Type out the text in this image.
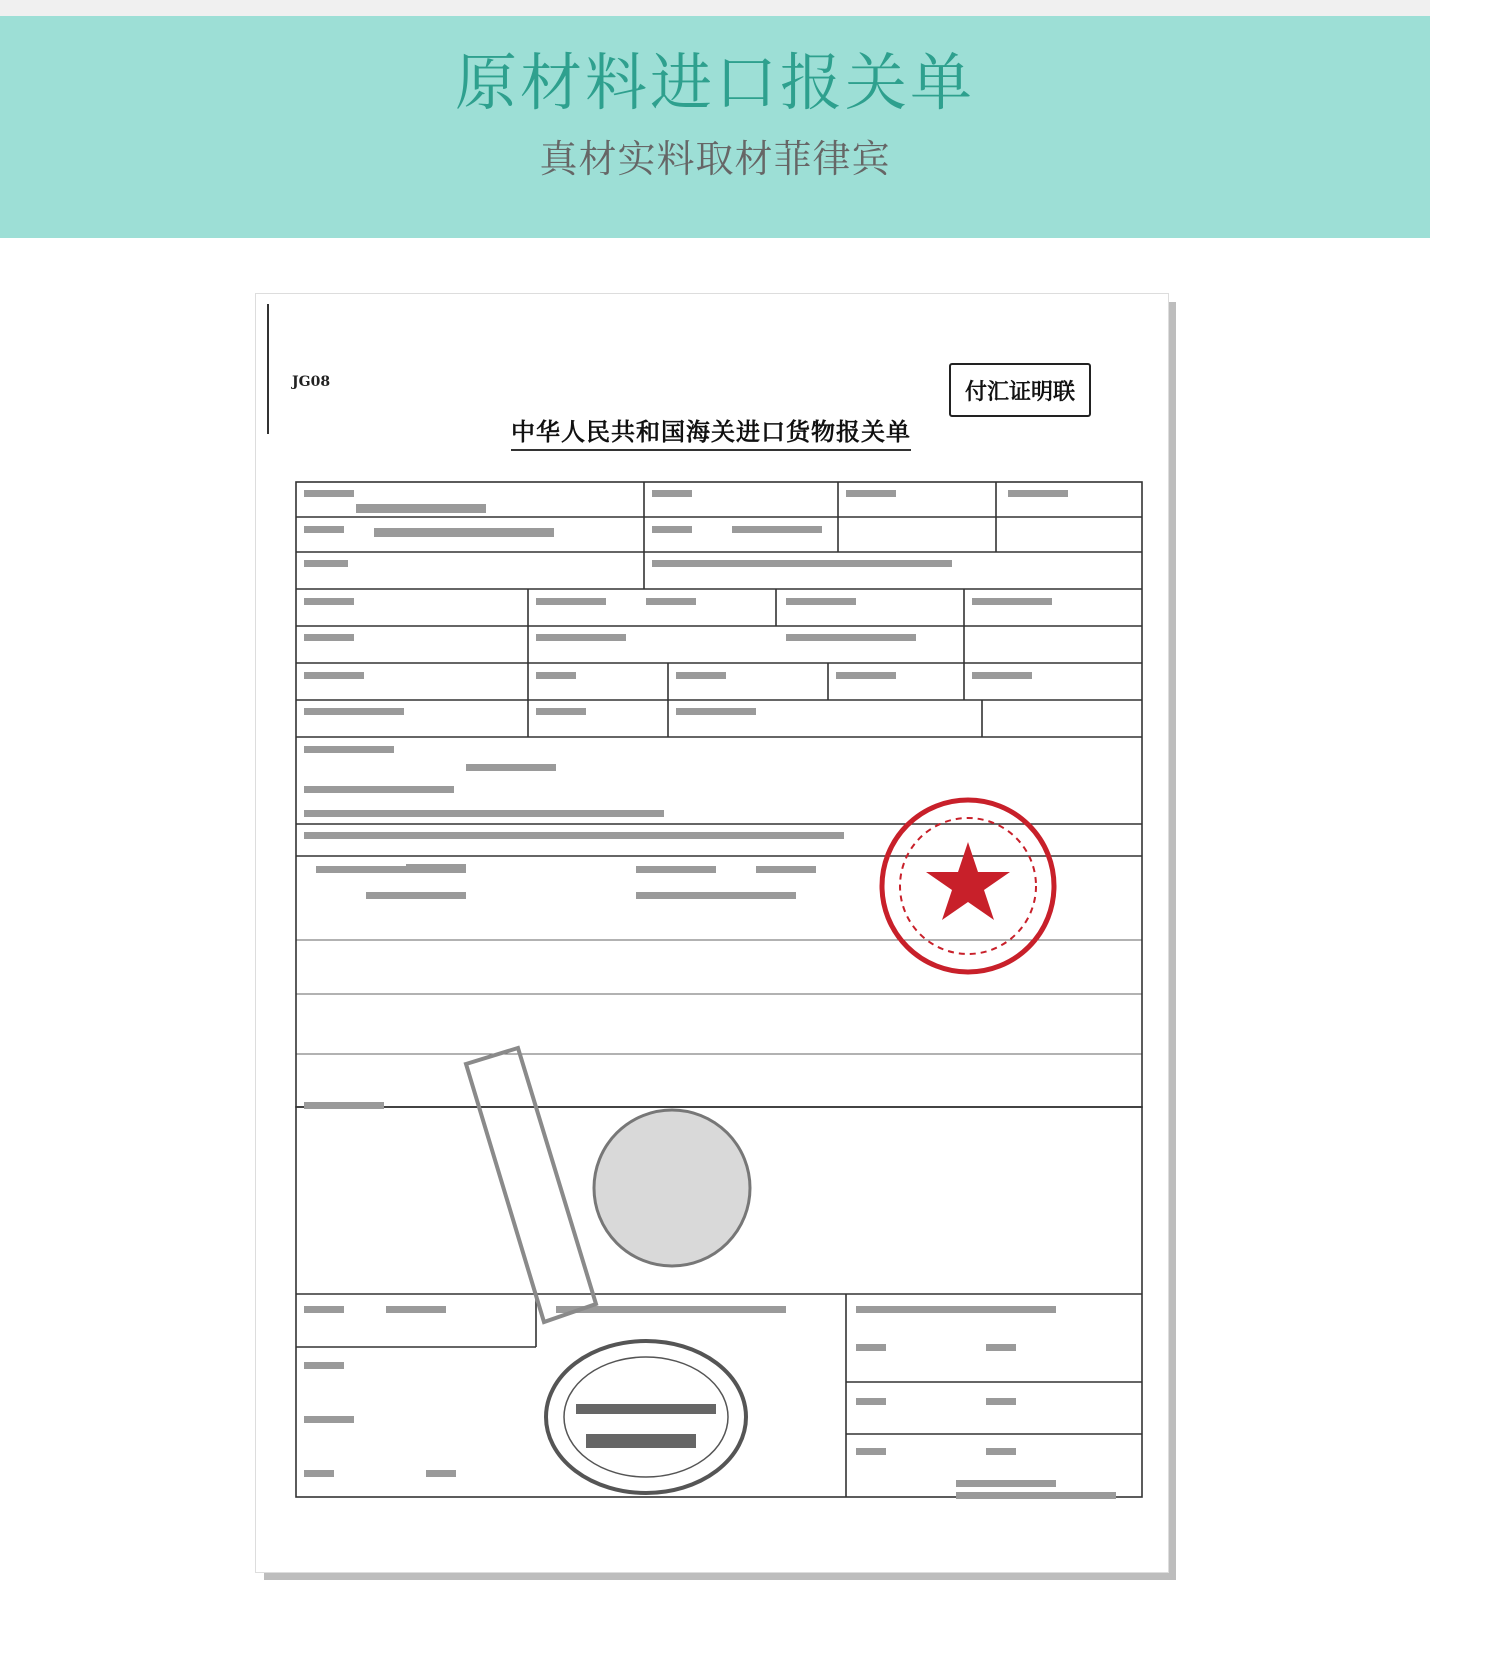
原材料进口报关单
真材实料取材菲律宾
JG08	付汇证明联
中华人民共和国海关进口货物报关单
